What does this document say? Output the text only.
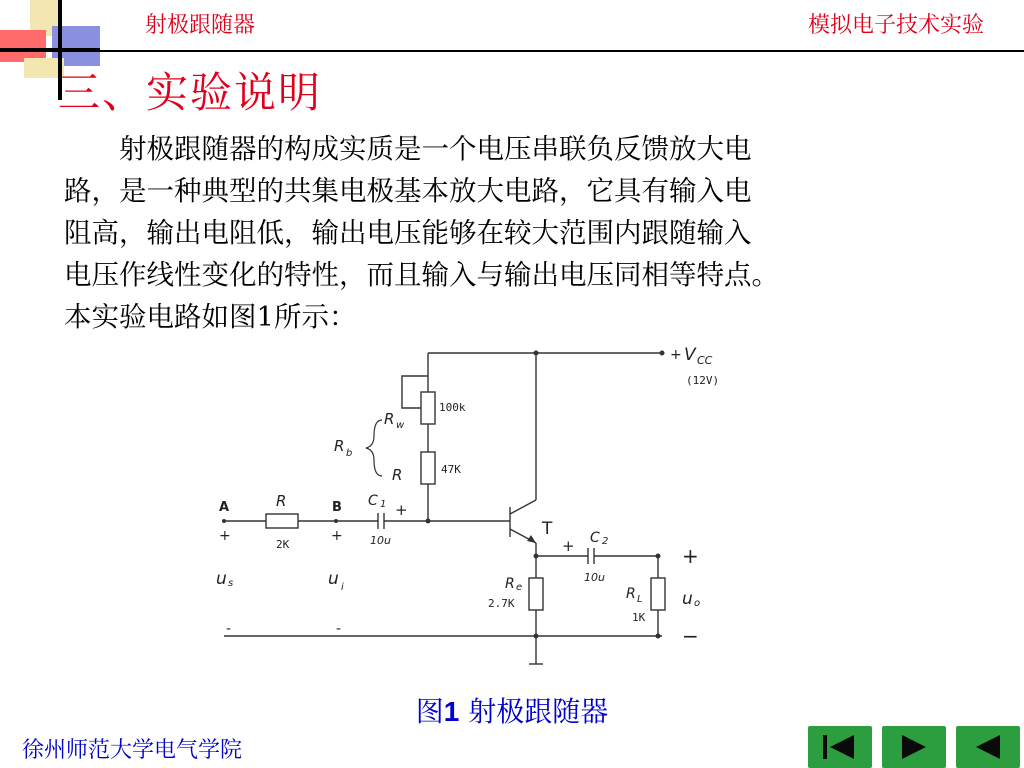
射极跟随器	模拟电子技术实验
三、实验说明

　　射极跟随器的构成实质是一个电压串联负反馈放大电

路，是一种典型的共集电极基本放大电路，它具有输入电

阻高，输出电阻低，输出电压能够在较大范围内跟随输入

电压作线性变化的特性，而且输入与输出电压同相等特点。

本实验电路如图1所示：

+ V CC
(12V)
100k
R w
R b
R	47K
A	B
+	+
R
2K
C 1 +
10u
T
+ C 2
10u
u s	u i	R e
2.7K
R L
1K
u o
+
−
-	-
图1 射极跟随器
徐州师范大学电气学院
